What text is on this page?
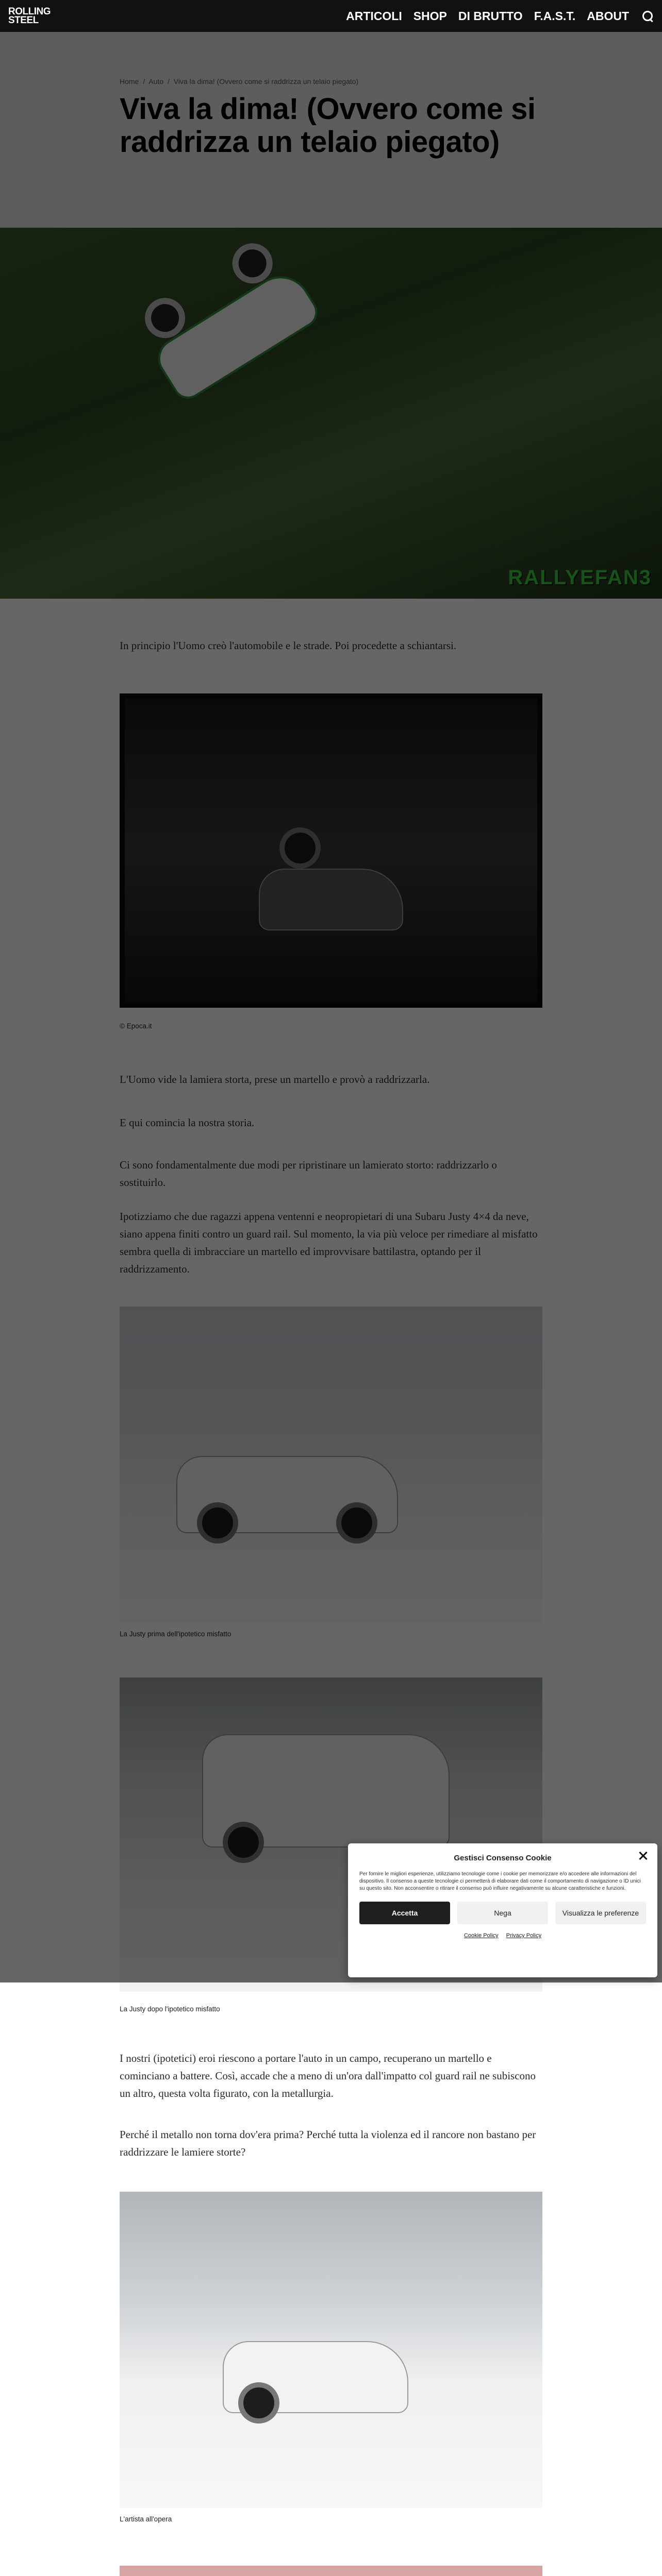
ROLLING
STEEL	ARTICOLI SHOP DI BRUTTO F.A.S.T. ABOUT

La Justy dopo l'ipotetico misfatto

I nostri (ipotetici) eroi riescono a portare l'auto in un campo, recuperano un martello e cominciano a battere. Così, accade che a meno di un'ora dall'impatto col guard rail ne subiscono un altro, questa volta figurato, con la metallurgia.

Perché il metallo non torna dov'era prima? Perché tutta la violenza ed il rancore non bastano per raddrizzare le lamiere storte?

L'artista all'opera

Gestisci Consenso Cookie
Per fornire le migliori esperienze, utilizziamo tecnologie come i cookie per memorizzare e/o accedere alle informazioni del dispositivo. Il consenso a queste tecnologie ci permetterà di elaborare dati come il comportamento di navigazione o ID unici su questo sito. Non acconsentire o ritirare il consenso può influire negativamente su alcune caratteristiche e funzioni.
Accetta	Nega	Visualizza le preferenze
Cookie Policy Privacy Policy
